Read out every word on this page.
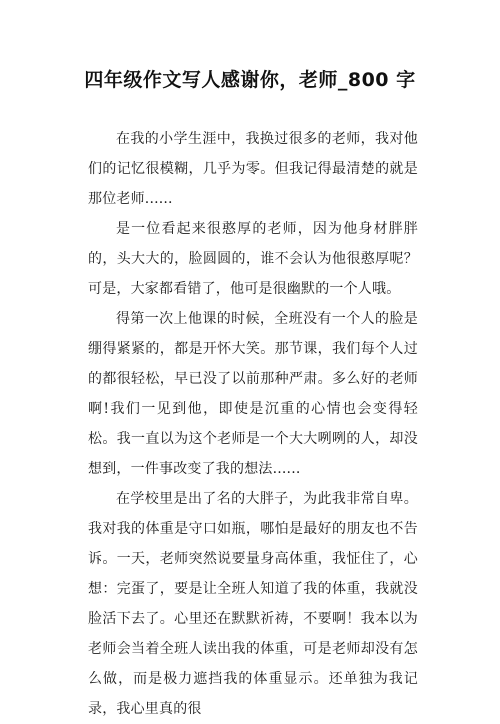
四年级作文写人感谢你，老师_800 字

在我的小学生涯中，我换过很多的老师，我对他们的记忆很模糊，几乎为零。但我记得最清楚的就是那位老师......

是一位看起来很憨厚的老师，因为他身材胖胖的，头大大的，脸圆圆的，谁不会认为他很憨厚呢？可是，大家都看错了，他可是很幽默的一个人哦。

得第一次上他课的时候，全班没有一个人的脸是绷得紧紧的，都是开怀大笑。那节课，我们每个人过的都很轻松，早已没了以前那种严肃。多么好的老师啊!我们一见到他，即使是沉重的心情也会变得轻松。我一直以为这个老师是一个大大咧咧的人，却没想到，一件事改变了我的想法......

在学校里是出了名的大胖子，为此我非常自卑。我对我的体重是守口如瓶，哪怕是最好的朋友也不告诉。一天，老师突然说要量身高体重，我怔住了，心想：完蛋了，要是让全班人知道了我的体重，我就没脸活下去了。心里还在默默祈祷，不要啊！我本以为老师会当着全班人读出我的体重，可是老师却没有怎么做，而是极力遮挡我的体重显示。还单独为我记录，我心里真的很
